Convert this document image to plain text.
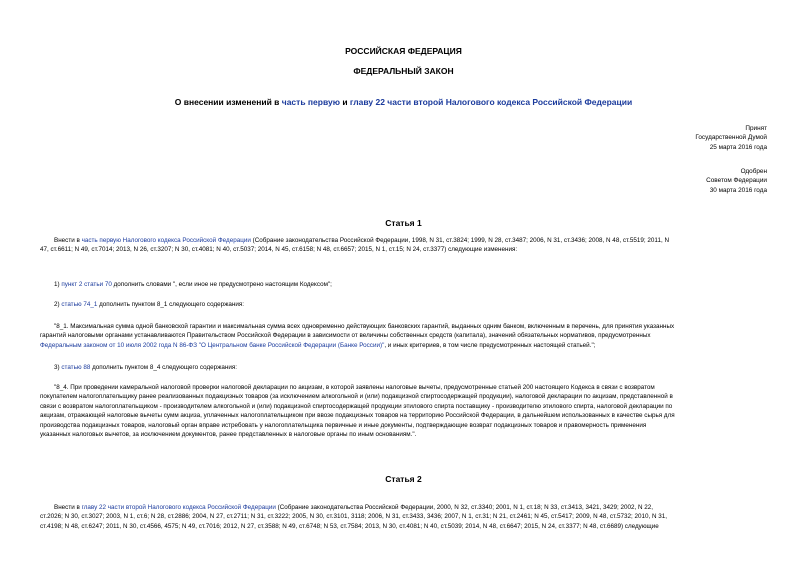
РОССИЙСКАЯ ФЕДЕРАЦИЯ
ФЕДЕРАЛЬНЫЙ ЗАКОН
О внесении изменений в часть первую и главу 22 части второй Налогового кодекса Российской Федерации
Принят
Государственной Думой
25 марта 2016 года
Одобрен
Советом Федерации
30 марта 2016 года
Статья 1
Внести в часть первую Налогового кодекса Российской Федерации (Собрание законодательства Российской Федерации, 1998, N 31, ст.3824; 1999, N 28, ст.3487; 2006, N 31, ст.3436; 2008, N 48, ст.5519; 2011, N
47, ст.6611; N 49, ст.7014; 2013, N 26, ст.3207; N 30, ст.4081; N 40, ст.5037; 2014, N 45, ст.6158; N 48, ст.6657; 2015, N 1, ст.15; N 24, ст.3377) следующие изменения:
1) пункт 2 статьи 70 дополнить словами ", если иное не предусмотрено настоящим Кодексом";
2) статью 74_1 дополнить пунктом 8_1 следующего содержания:
"8_1. Максимальная сумма одной банковской гарантии и максимальная сумма всех одновременно действующих банковских гарантий, выданных одним банком, включенным в перечень, для принятия указанных
гарантий налоговыми органами устанавливаются Правительством Российской Федерации в зависимости от величины собственных средств (капитала), значений обязательных нормативов, предусмотренных
Федеральным законом от 10 июля 2002 года N 86-ФЗ "О Центральном банке Российской Федерации (Банке России)", и иных критериев, в том числе предусмотренных настоящей статьей.";
3) статью 88 дополнить пунктом 8_4 следующего содержания:
"8_4. При проведении камеральной налоговой проверки налоговой декларации по акцизам, в которой заявлены налоговые вычеты, предусмотренные статьей 200 настоящего Кодекса в связи с возвратом
покупателем налогоплательщику ранее реализованных подакцизных товаров (за исключением алкогольной и (или) подакцизной спиртосодержащей продукции), налоговой декларации по акцизам, представленной в
связи с возвратом налогоплательщиком - производителем алкогольной и (или) подакцизной спиртосодержащей продукции этилового спирта поставщику - производителю этилового спирта, налоговой декларации по
акцизам, отражающей налоговые вычеты сумм акциза, уплаченных налогоплательщиком при ввозе подакцизных товаров на территорию Российской Федерации, в дальнейшем использованных в качестве сырья для
производства подакцизных товаров, налоговый орган вправе истребовать у налогоплательщика первичные и иные документы, подтверждающие возврат подакцизных товаров и правомерность применения
указанных налоговых вычетов, за исключением документов, ранее представленных в налоговые органы по иным основаниям.".
Статья 2
Внести в главу 22 части второй Налогового кодекса Российской Федерации (Собрание законодательства Российской Федерации, 2000, N 32, ст.3340; 2001, N 1, ст.18; N 33, ст.3413, 3421, 3429; 2002, N 22,
ст.2026; N 30, ст.3027; 2003, N 1, ст.6; N 28, ст.2886; 2004, N 27, ст.2711; N 31, ст.3222; 2005, N 30, ст.3101, 3118; 2006, N 31, ст.3433, 3436; 2007, N 1, ст.31; N 21, ст.2461; N 45, ст.5417; 2009, N 48, ст.5732; 2010, N 31,
ст.4198; N 48, ст.6247; 2011, N 30, ст.4566, 4575; N 49, ст.7016; 2012, N 27, ст.3588; N 49, ст.6748; N 53, ст.7584; 2013, N 30, ст.4081; N 40, ст.5039; 2014, N 48, ст.6647; 2015, N 24, ст.3377; N 48, ст.6689) следующие
